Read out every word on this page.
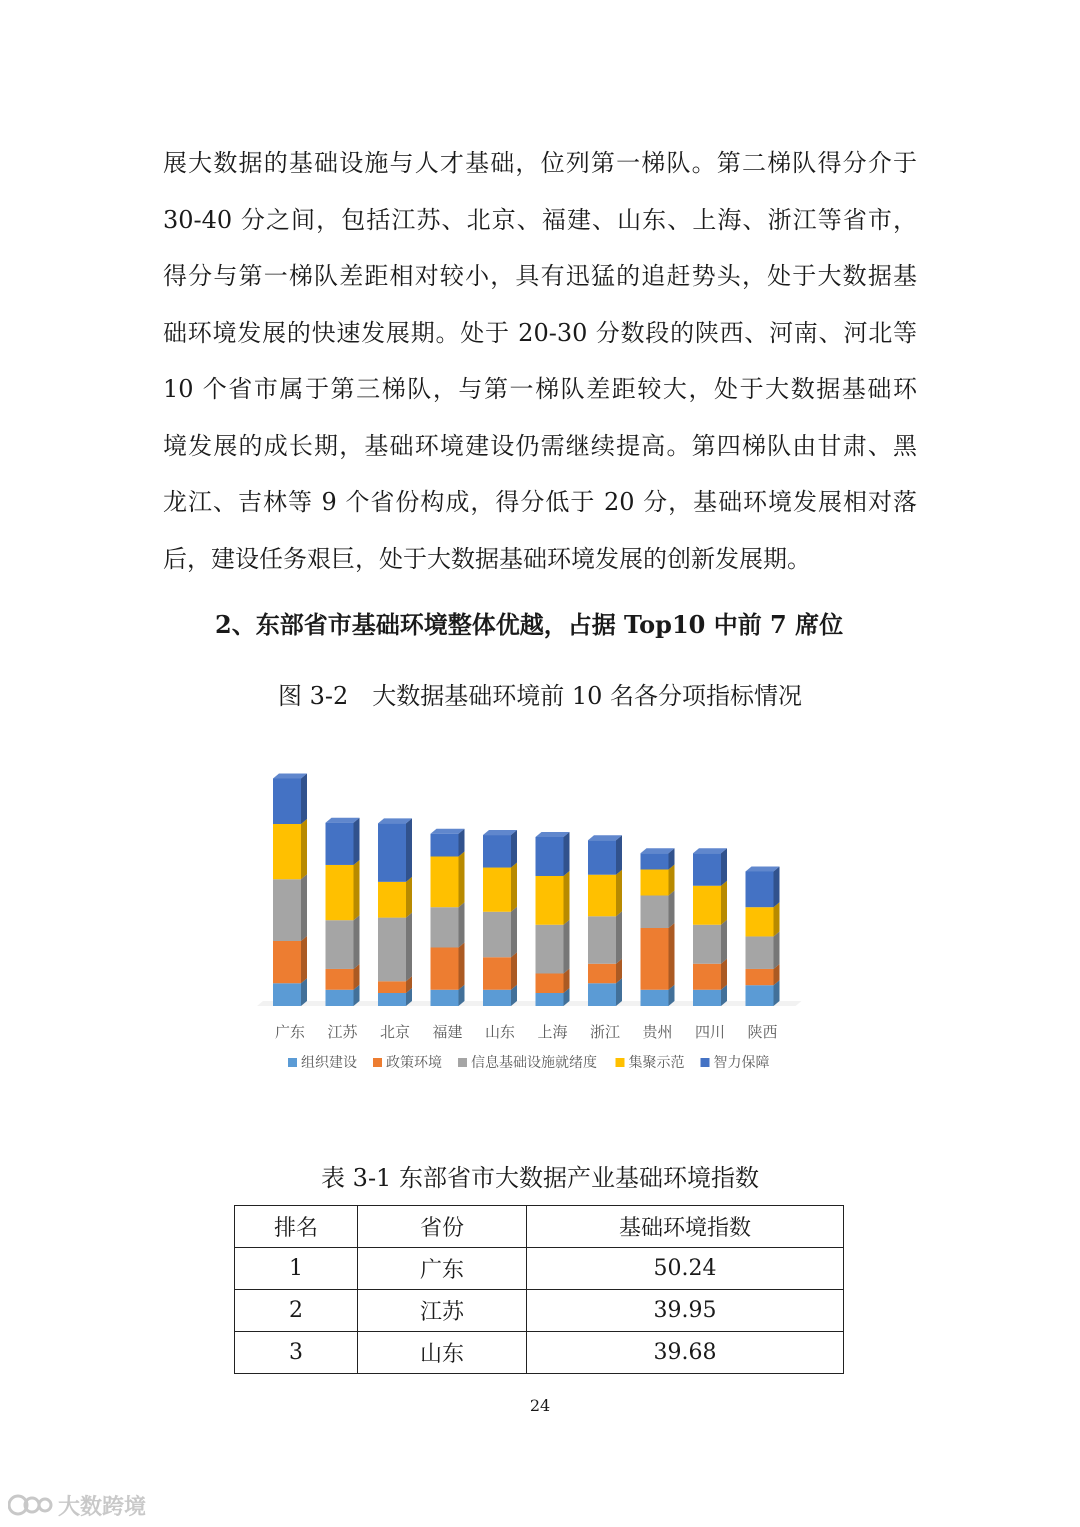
展大数据的基础设施与人才基础，位列第一梯队。第二梯队得分介于
30-40 分之间，包括江苏、北京、福建、山东、上海、浙江等省市，
得分与第一梯队差距相对较小，具有迅猛的追赶势头，处于大数据基
础环境发展的快速发展期。处于 20-30 分数段的陕西、河南、河北等
10 个省市属于第三梯队，与第一梯队差距较大，处于大数据基础环
境发展的成长期，基础环境建设仍需继续提高。第四梯队由甘肃、黑
龙江、吉林等 9 个省份构成，得分低于 20 分，基础环境发展相对落
后，建设任务艰巨，处于大数据基础环境发展的创新发展期。
2、东部省市基础环境整体优越，占据 Top10 中前 7 席位
图 3-2　大数据基础环境前 10 名各分项指标情况
广东 江苏 北京 福建 山东 上海 浙江 贵州 四川 陕西
组织建设 政策环境 信息基础设施就绪度 集聚示范 智力保障
表 3-1 东部省市大数据产业基础环境指数
排名	省份	基础环境指数
1	广东	50.24
2	江苏	39.95
3	山东	39.68
24
大数跨境
